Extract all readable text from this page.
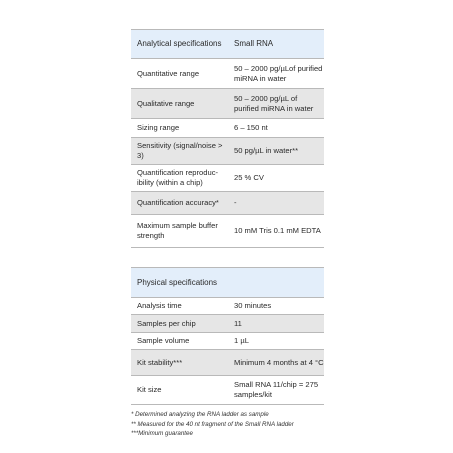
Analytical specifications	Small RNA
Quantitative range	50 – 2000 pg/µLof purified miRNA in water
Qualitative range	50 – 2000 pg/µL of purified miRNA in water
Sizing range	6 – 150 nt
Sensitivity (signal/noise > 3)	50 pg/µL in water**
Quantification reproduc- ibility (within a chip)	25 % CV
Quantification accuracy*	-
Maximum sample buffer strength	10 mM Tris 0.1 mM EDTA

Physical specifications	
Analysis time	30 minutes
Samples per chip	11
Sample volume	1 µL
Kit stability***	Minimum 4 months at 4 °C
Kit size	Small RNA 11/chip = 275 samples/kit
* Determined analyzing the RNA ladder as sample
** Measured for the 40 nt fragment of the Small RNA ladder
***Minimum guarantee
